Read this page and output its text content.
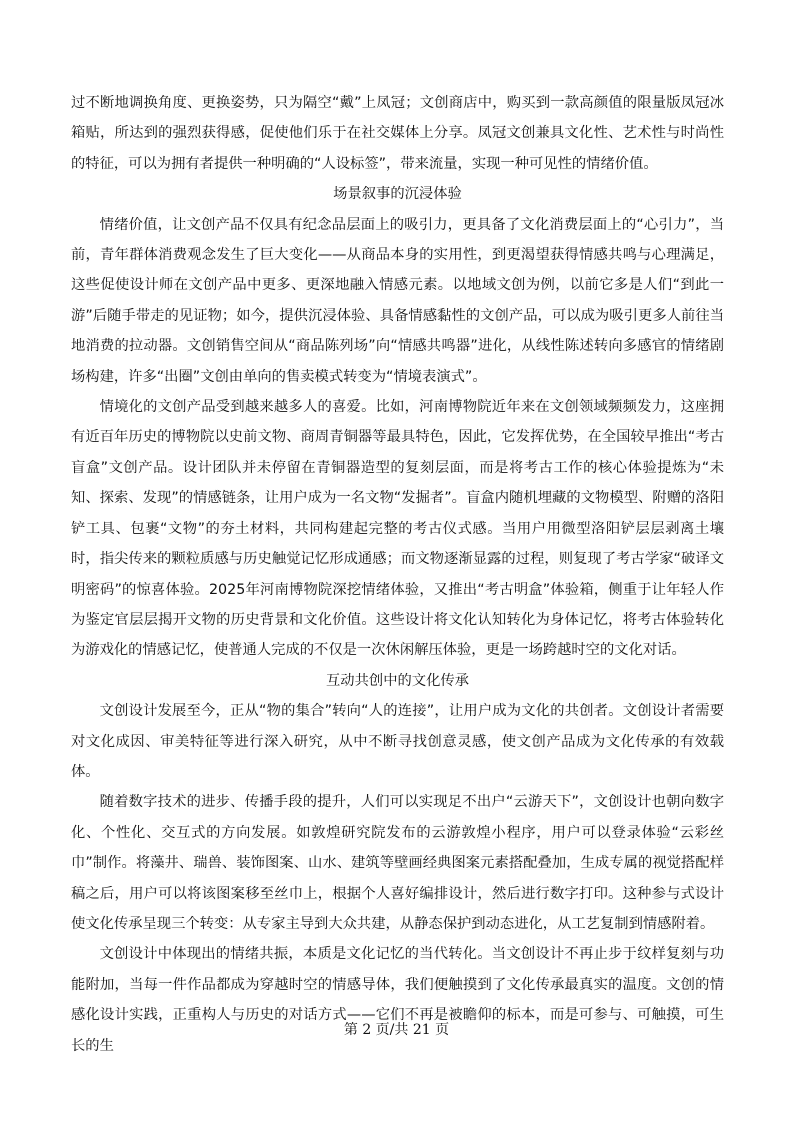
过不断地调换角度、更换姿势，只为隔空“戴”上凤冠；文创商店中，购买到一款高颜值的限量版凤冠冰箱贴，所达到的强烈获得感，促使他们乐于在社交媒体上分享。凤冠文创兼具文化性、艺术性与时尚性的特征，可以为拥有者提供一种明确的“人设标签”，带来流量，实现一种可见性的情绪价值。

场景叙事的沉浸体验

情绪价值，让文创产品不仅具有纪念品层面上的吸引力，更具备了文化消费层面上的“心引力”，当前，青年群体消费观念发生了巨大变化——从商品本身的实用性，到更渴望获得情感共鸣与心理满足，这些促使设计师在文创产品中更多、更深地融入情感元素。以地域文创为例，以前它多是人们“到此一游”后随手带走的见证物；如今，提供沉浸体验、具备情感黏性的文创产品，可以成为吸引更多人前往当地消费的拉动器。文创销售空间从“商品陈列场”向“情感共鸣器”进化，从线性陈述转向多感官的情绪剧场构建，许多“出圈”文创由单向的售卖模式转变为“情境表演式”。

情境化的文创产品受到越来越多人的喜爱。比如，河南博物院近年来在文创领域频频发力，这座拥有近百年历史的博物院以史前文物、商周青铜器等最具特色，因此，它发挥优势，在全国较早推出“考古盲盒”文创产品。设计团队并未停留在青铜器造型的复刻层面，而是将考古工作的核心体验提炼为“未知、探索、发现”的情感链条，让用户成为一名文物“发掘者”。盲盒内随机埋藏的文物模型、附赠的洛阳铲工具、包裹“文物”的夯土材料，共同构建起完整的考古仪式感。当用户用微型洛阳铲层层剥离土壤时，指尖传来的颗粒质感与历史触觉记忆形成通感；而文物逐渐显露的过程，则复现了考古学家“破译文明密码”的惊喜体验。2025年河南博物院深挖情绪体验，又推出“考古明盒”体验箱，侧重于让年轻人作为鉴定官层层揭开文物的历史背景和文化价值。这些设计将文化认知转化为身体记忆，将考古体验转化为游戏化的情感记忆，使普通人完成的不仅是一次休闲解压体验，更是一场跨越时空的文化对话。

互动共创中的文化传承

文创设计发展至今，正从“物的集合”转向“人的连接”，让用户成为文化的共创者。文创设计者需要对文化成因、审美特征等进行深入研究，从中不断寻找创意灵感，使文创产品成为文化传承的有效载体。

随着数字技术的进步、传播手段的提升，人们可以实现足不出户“云游天下”，文创设计也朝向数字化、个性化、交互式的方向发展。如敦煌研究院发布的云游敦煌小程序，用户可以登录体验“云彩丝巾”制作。将藻井、瑞兽、装饰图案、山水、建筑等壁画经典图案元素搭配叠加，生成专属的视觉搭配样稿之后，用户可以将该图案移至丝巾上，根据个人喜好编排设计，然后进行数字打印。这种参与式设计使文化传承呈现三个转变：从专家主导到大众共建，从静态保护到动态进化，从工艺复制到情感附着。

文创设计中体现出的情绪共振，本质是文化记忆的当代转化。当文创设计不再止步于纹样复刻与功能附加，当每一件作品都成为穿越时空的情感导体，我们便触摸到了文化传承最真实的温度。文创的情感化设计实践，正重构人与历史的对话方式——它们不再是被瞻仰的标本，而是可参与、可触摸，可生长的生

第 2 页/共 21 页
